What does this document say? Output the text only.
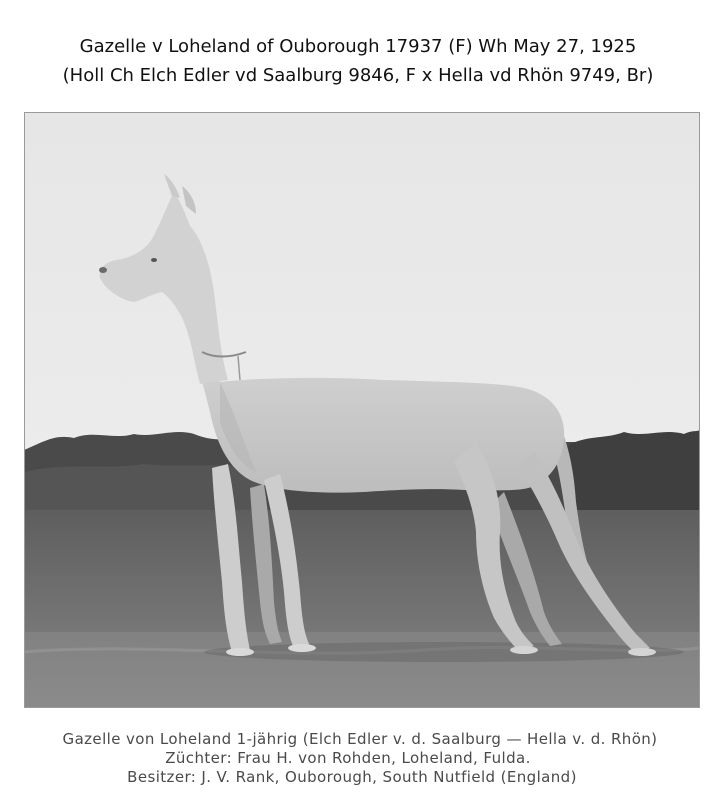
Gazelle v Loheland of Ouborough 17937 (F) Wh May 27, 1925
(Holl Ch Elch Edler vd Saalburg 9846, F x Hella vd Rhön 9749, Br)
Gazelle von Loheland 1-jährig (Elch Edler v. d. Saalburg — Hella v. d. Rhön)
Züchter: Frau H. von Rohden, Loheland, Fulda.
Besitzer: J. V. Rank, Ouborough, South Nutfield (England)
